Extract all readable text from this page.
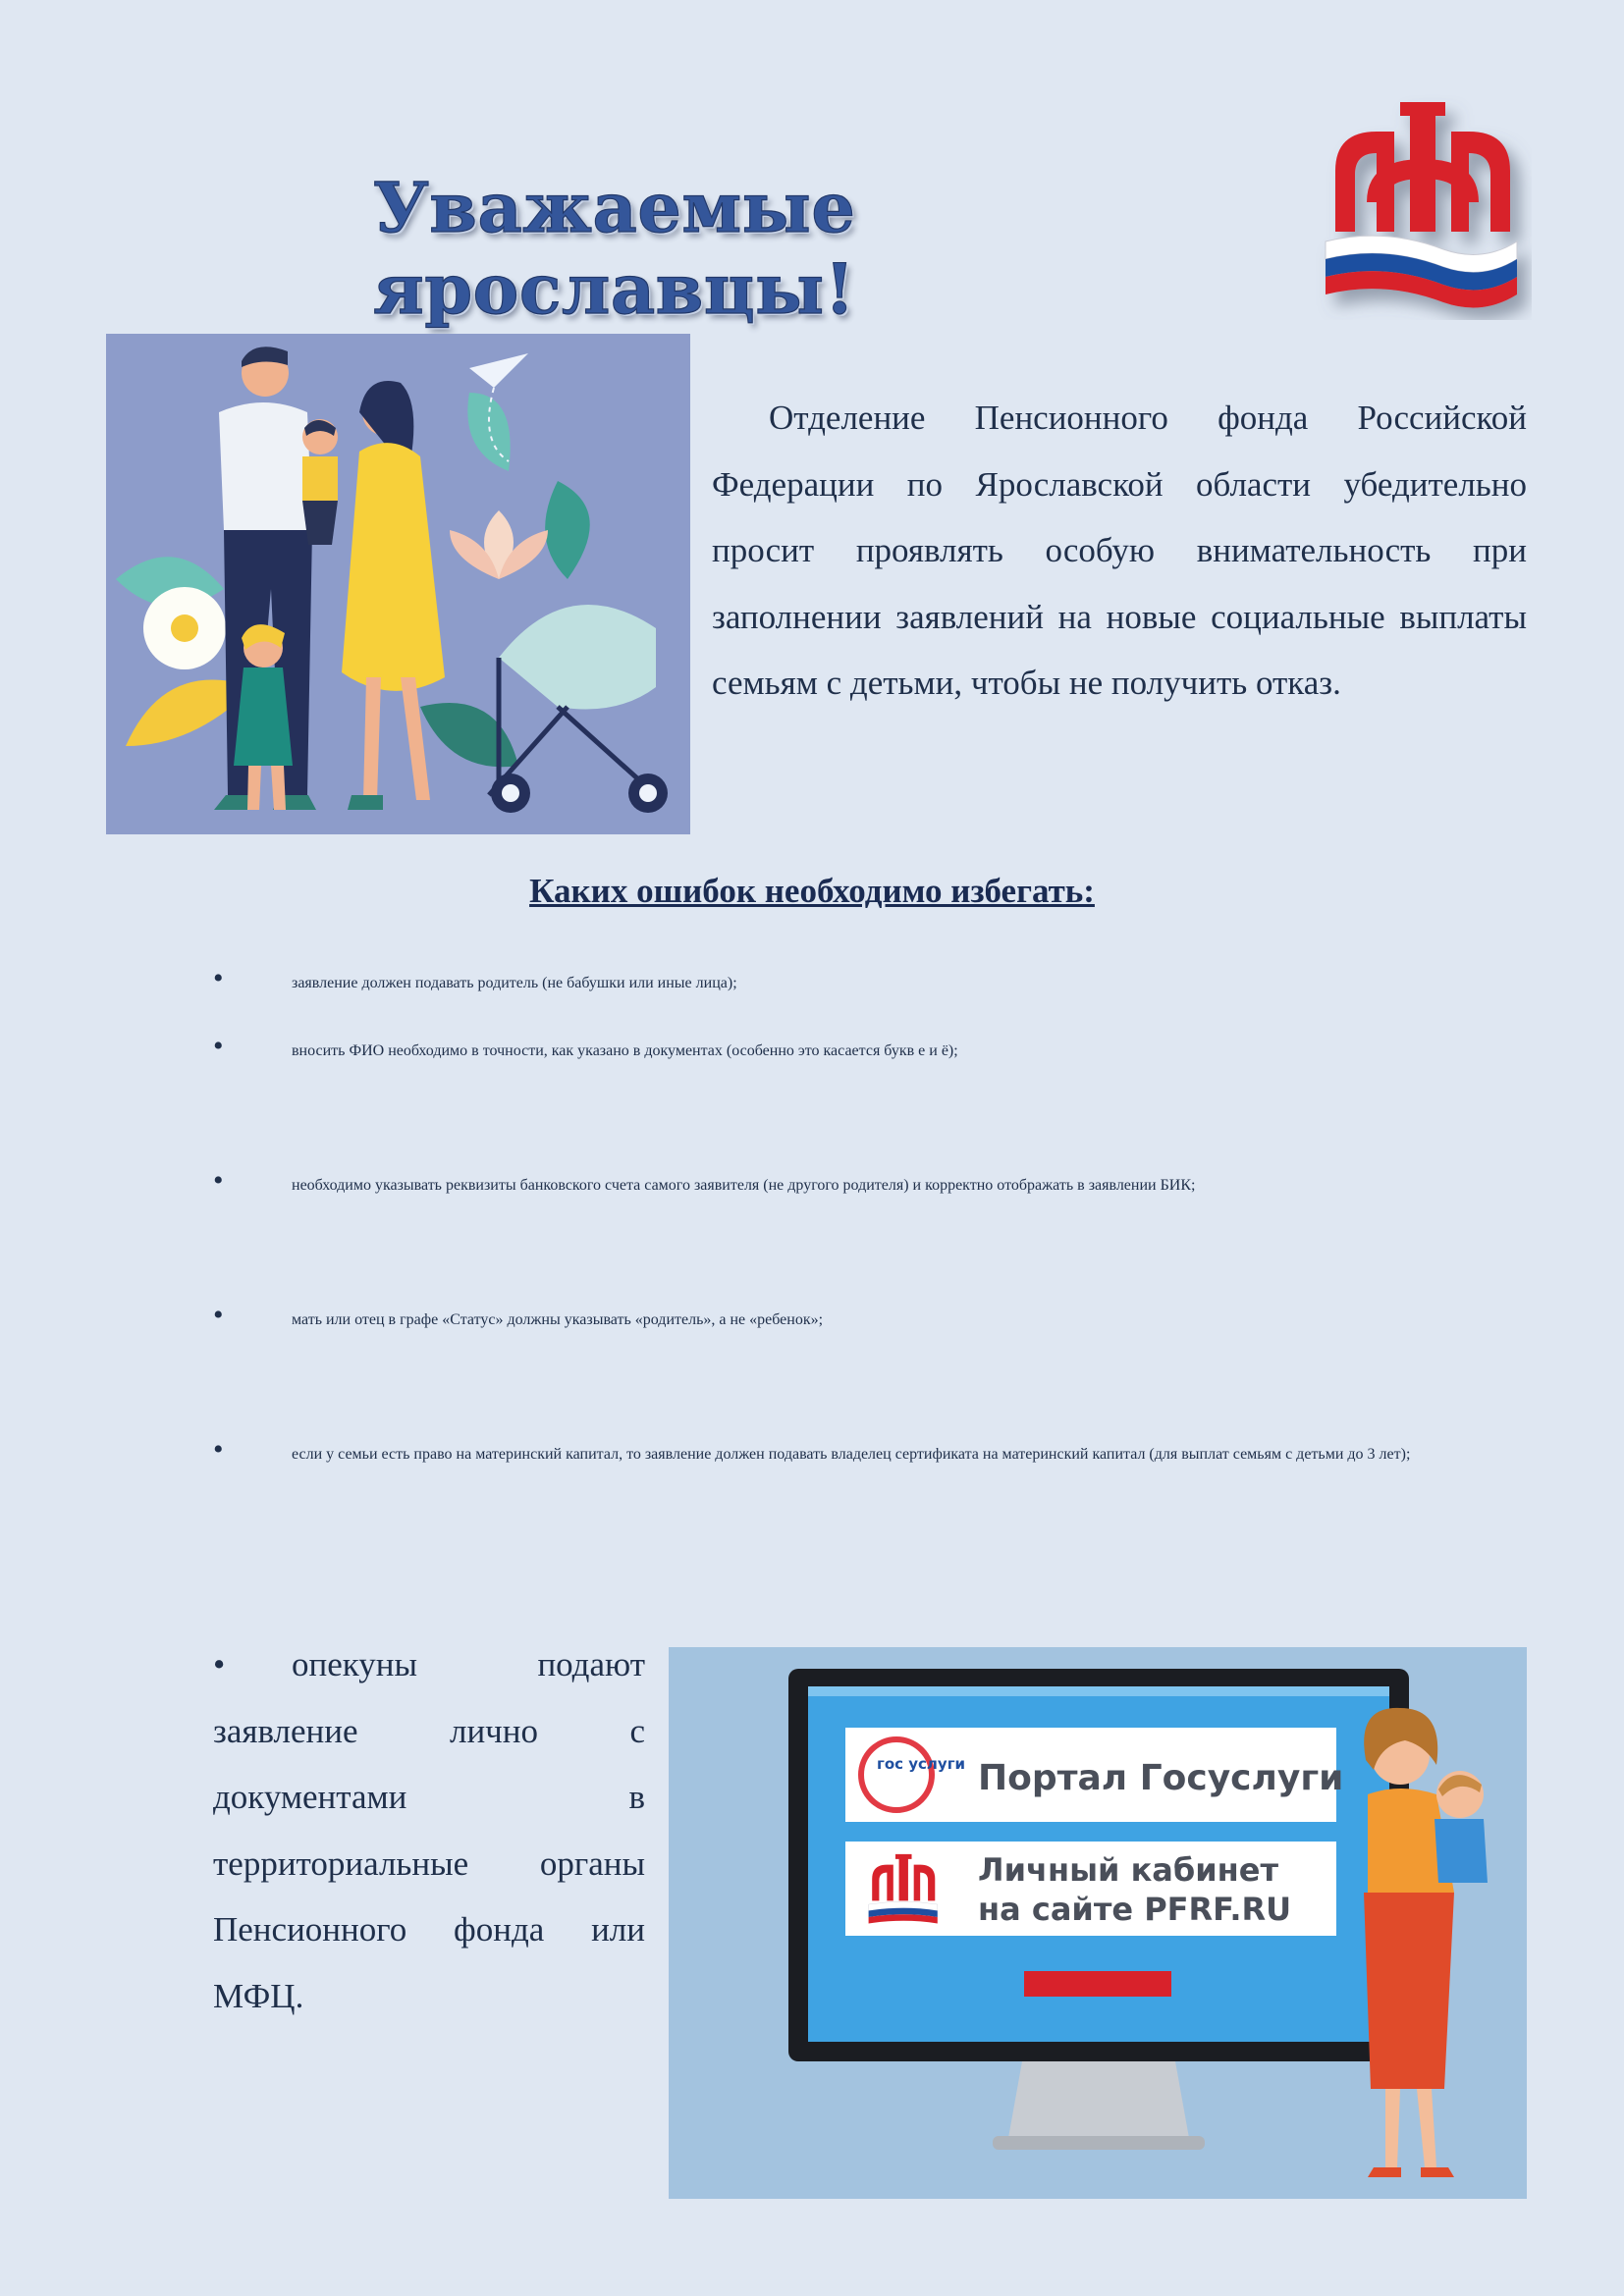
Уважаемые ярославцы!

Отделение Пенсионного фонда Российской Федерации по Ярославской области убедительно просит проявлять особую внимательность при заполнении заявлений на новые социальные выплаты семьям с детьми, чтобы не получить отказ.

Каких ошибок необходимо избегать:

•заявление должен подавать родитель (не бабушки или иные лица);

•вносить ФИО необходимо в точности, как указано в документах (особенно это касается букв е и ё);

•необходимо указывать реквизиты банковского счета самого заявителя (не другого родителя) и корректно отображать в заявлении БИК;

•мать или отец в графе «Статус» должны указывать «родитель», а не «ребенок»;

•если у семьи есть право на материнский капитал, то заявление должен подавать владелец сертификата на материнский капитал (для выплат семьям с детьми до 3 лет);

• опекуны подают
заявление лично с
документами в
территориальные органы
Пенсионного фонда или
МФЦ.
гос услуги Портал Госуслуги
Личный кабинет
на сайте PFRF.RU
